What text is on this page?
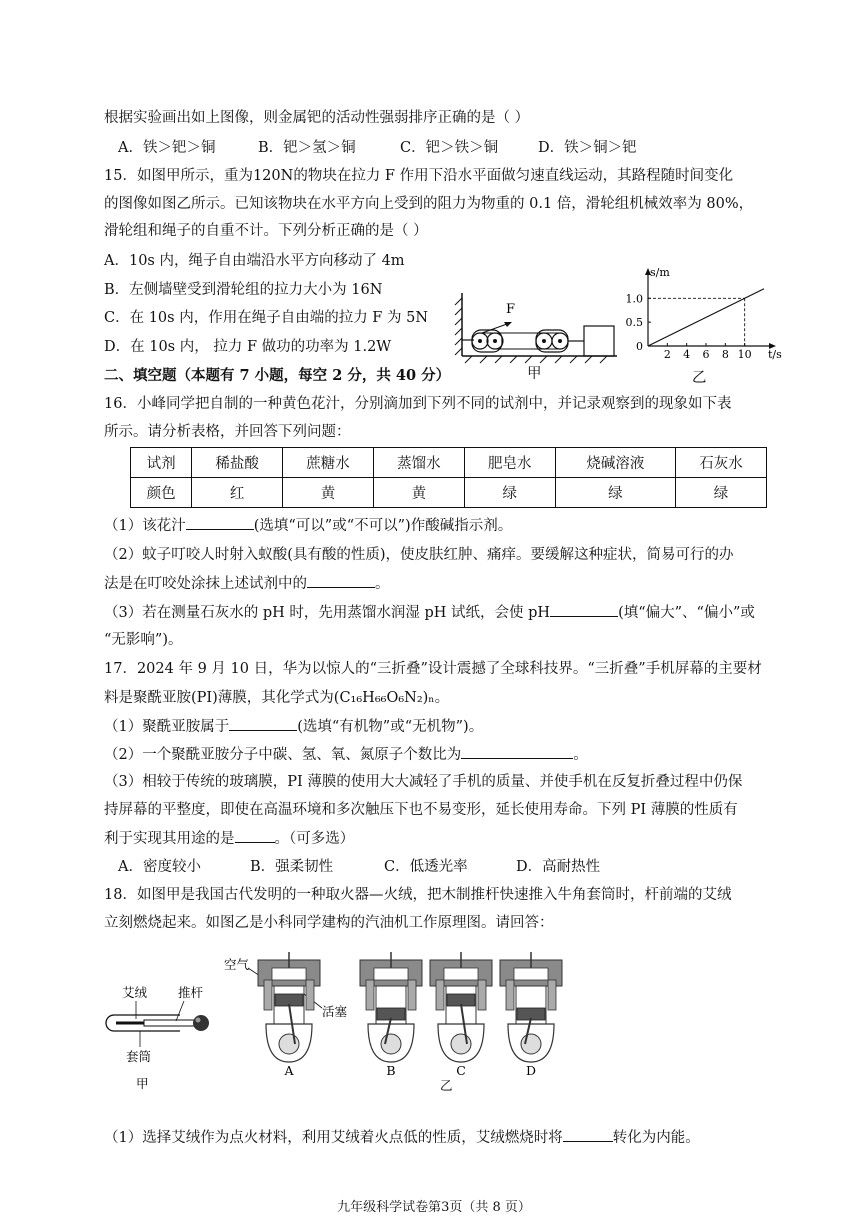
根据实验画出如上图像，则金属钯的活动性强弱排序正确的是（ ）
A．铁＞钯＞铜	B．钯＞氢＞铜	C．钯＞铁＞铜	D．铁＞铜＞钯
15．如图甲所示，重为120N的物块在拉力 F 作用下沿水平面做匀速直线运动，其路程随时间变化
的图像如图乙所示。已知该物块在水平方向上受到的阻力为物重的 0.1 倍，滑轮组机械效率为 80%，
滑轮组和绳子的自重不计。下列分析正确的是（ ）
A．10s 内，绳子自由端沿水平方向移动了 4m
B．左侧墙壁受到滑轮组的拉力大小为 16N
C．在 10s 内，作用在绳子自由端的拉力 F 为 5N
D．在 10s 内， 拉力 F 做功的功率为 1.2W
F
甲
2 4 6 8 10
0.5
1.0
0
t/s
s/m
乙
二、填空题（本题有 7 小题，每空 2 分，共 40 分）
16．小峰同学把自制的一种黄色花汁，分别滴加到下列不同的试剂中，并记录观察到的现象如下表
所示。请分析表格，并回答下列问题：
试剂	稀盐酸	蔗糖水	蒸馏水	肥皂水	烧碱溶液	石灰水
颜色	红	黄	黄	绿	绿	绿
（1）该花汁	(选填“可以”或“不可以”)作酸碱指示剂。
（2）蚊子叮咬人时射入蚁酸(具有酸的性质)，使皮肤红肿、痛痒。要缓解这种症状，简易可行的办
法是在叮咬处涂抹上述试剂中的	。
（3）若在测量石灰水的 pH 时，先用蒸馏水润湿 pH 试纸，会使 pH	(填“偏大”、“偏小”或
“无影响”)。
17．2024 年 9 月 10 日，华为以惊人的“三折叠”设计震撼了全球科技界。“三折叠”手机屏幕的主要材
料是聚酰亚胺(PI)薄膜，其化学式为(C₁₆H₆₆O₆N₂)ₙ。
（1）聚酰亚胺属于	(选填“有机物”或“无机物”)。
（2）一个聚酰亚胺分子中碳、氢、氧、氮原子个数比为	。
（3）相较于传统的玻璃膜，PI 薄膜的使用大大减轻了手机的质量、并使手机在反复折叠过程中仍保
持屏幕的平整度，即使在高温环境和多次触压下也不易变形，延长使用寿命。下列 PI 薄膜的性质有
利于实现其用途的是	。（可多选）
A．密度较小	B．强柔韧性	C．低透光率	D．高耐热性
18．如图甲是我国古代发明的一种取火器—火绒，把木制推杆快速推入牛角套筒时，杆前端的艾绒
立刻燃烧起来。如图乙是小科同学建构的汽油机工作原理图。请回答：
艾绒 推杆
套筒
甲
空气
活塞
A	B	C	D
乙
（1）选择艾绒作为点火材料，利用艾绒着火点低的性质，艾绒燃烧时将	转化为内能。
九年级科学试卷第3页（共 8 页）
